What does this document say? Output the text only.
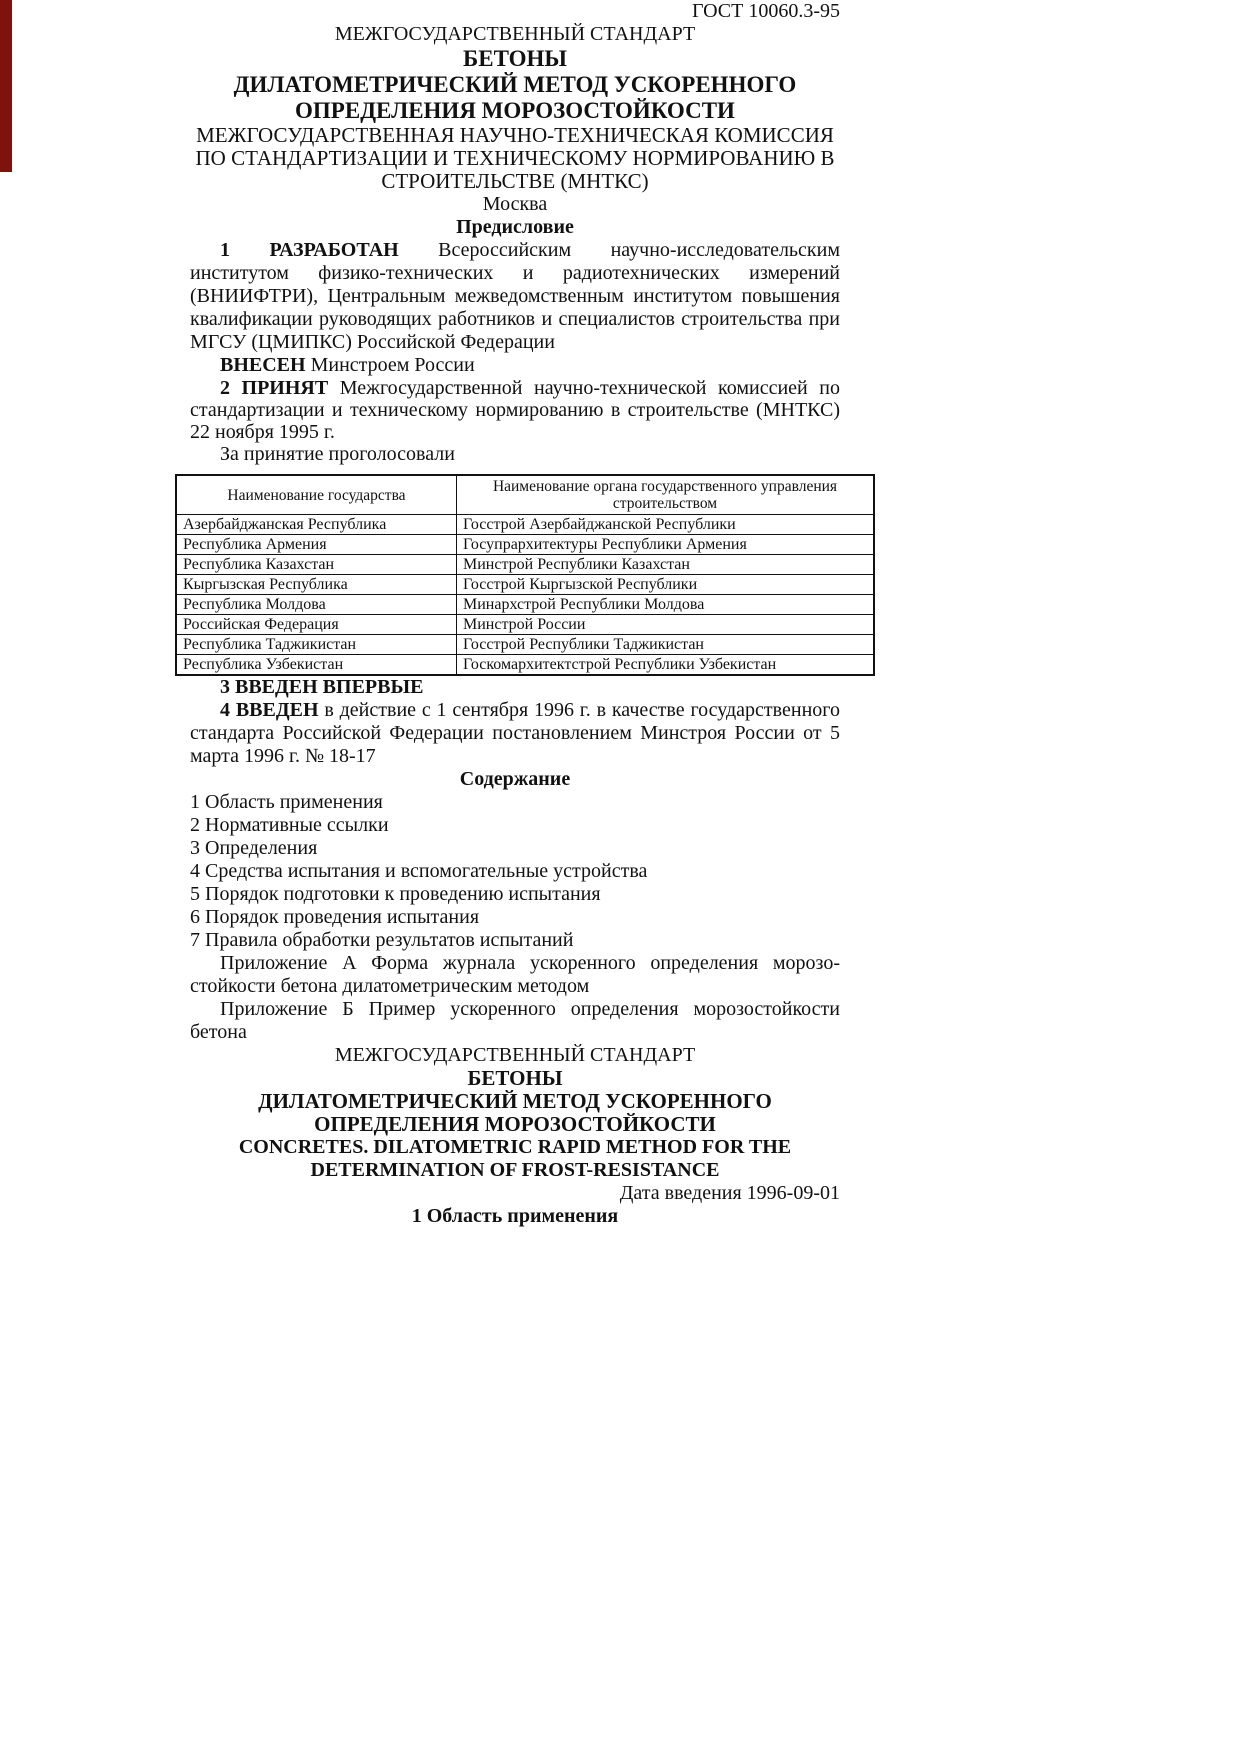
ГОСТ 10060.3-95
МЕЖГОСУДАРСТВЕННЫЙ СТАНДАРТ
БЕТОНЫ
ДИЛАТОМЕТРИЧЕСКИЙ МЕТОД УСКОРЕННОГО
ОПРЕДЕЛЕНИЯ МОРОЗОСТОЙКОСТИ
МЕЖГОСУДАРСТВЕННАЯ НАУЧНО-ТЕХНИЧЕСКАЯ КОМИССИЯ
ПО СТАНДАРТИЗАЦИИ И ТЕХНИЧЕСКОМУ НОРМИРОВАНИЮ В
СТРОИТЕЛЬСТВЕ (МНТКС)
Москва
Предисловие

1 РАЗРАБОТАН Всероссийским научно-исследовательским институтом физико-технических и радиотехнических измерений (ВНИИФТРИ), Центральным межведомственным институтом повышения квалификации руководящих работников и специалистов строительства при МГСУ (ЦМИПКС) Российской Федерации

ВНЕСЕН Минстроем России

2 ПРИНЯТ Межгосударственной научно-технической комиссией по стандартизации и техническому нормированию в строительстве (МНТКС) 22 ноября 1995 г.

За принятие проголосовали

Наименование государства	Наименование органа государственного управления строительством
Азербайджанская Республика	Госстрой Азербайджанской Республики
Республика Армения	Госупрархитектуры Республики Армения
Республика Казахстан	Минстрой Республики Казахстан
Кыргызская Республика	Госстрой Кыргызской Республики
Республика Молдова	Минархстрой Республики Молдова
Российская Федерация	Минстрой России
Республика Таджикистан	Госстрой Республики Таджикистан
Республика Узбекистан	Госкомархитектстрой Республики Узбекистан

3 ВВЕДЕН ВПЕРВЫЕ

4 ВВЕДЕН в действие с 1 сентября 1996 г. в качестве государственного стандарта Российской Федерации постановлением Минстроя России от 5 марта 1996 г. № 18-17

Содержание
1 Область применения
2 Нормативные ссылки
3 Определения
4 Средства испытания и вспомогательные устройства
5 Порядок подготовки к проведению испытания
6 Порядок проведения испытания
7 Правила обработки результатов испытаний

Приложение А Форма журнала ускоренного определения морозостойкости бетона дилатометрическим методом

Приложение Б Пример ускоренного определения морозостойкости бетона

МЕЖГОСУДАРСТВЕННЫЙ СТАНДАРТ
БЕТОНЫ
ДИЛАТОМЕТРИЧЕСКИЙ МЕТОД УСКОРЕННОГО
ОПРЕДЕЛЕНИЯ МОРОЗОСТОЙКОСТИ
CONCRETES. DILATOMETRIC RAPID METHOD FOR THE
DETERMINATION OF FROST-RESISTANCE
Дата введения 1996-09-01
1 Область применения
